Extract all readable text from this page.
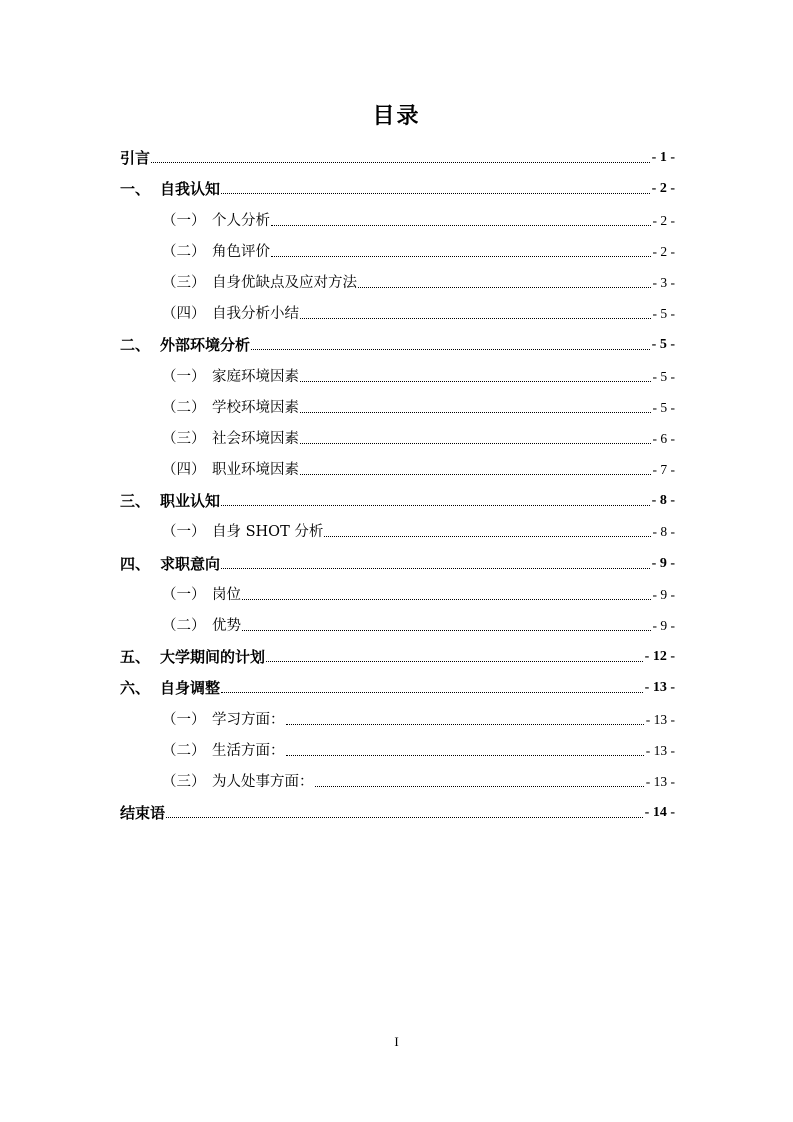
目录
引言	- 1 -
一、 自我认知	- 2 -
（一） 个人分析	- 2 -
（二） 角色评价	- 2 -
（三） 自身优缺点及应对方法	- 3 -
（四） 自我分析小结	- 5 -
二、 外部环境分析	- 5 -
（一） 家庭环境因素	- 5 -
（二） 学校环境因素	- 5 -
（三） 社会环境因素	- 6 -
（四） 职业环境因素	- 7 -
三、 职业认知	- 8 -
（一） 自身 SHOT 分析	- 8 -
四、 求职意向	- 9 -
（一） 岗位	- 9 -
（二） 优势	- 9 -
五、 大学期间的计划	- 12 -
六、 自身调整	- 13 -
（一） 学习方面：	- 13 -
（二） 生活方面：	- 13 -
（三） 为人处事方面：	- 13 -
结束语	- 14 -
I
